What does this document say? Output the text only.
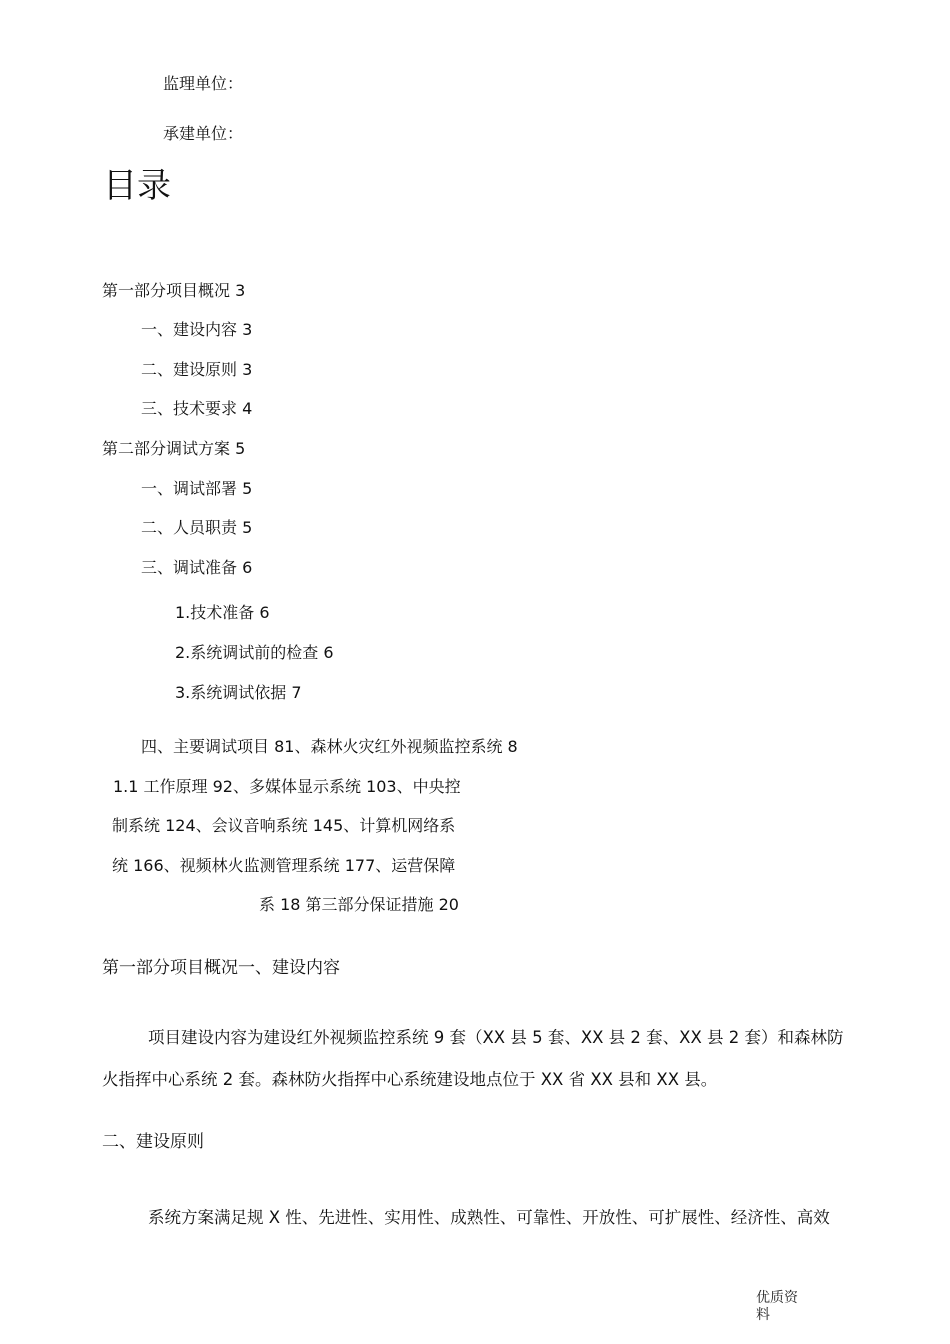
监理单位：
承建单位：
目录
第一部分项目概况 3
一、建设内容 3
二、建设原则 3
三、技术要求 4
第二部分调试方案 5
一、调试部署 5
二、人员职责 5
三、调试准备 6
1.技术准备 6
2.系统调试前的检查 6
3.系统调试依据 7
四、主要调试项目 81、森林火灾红外视频监控系统 8
1.1 工作原理 92、多媒体显示系统 103、中央控
制系统 124、会议音响系统 145、计算机网络系
统 166、视频林火监测管理系统 177、运营保障
系 18 第三部分保证措施 20
第一部分项目概况一、建设内容
项目建设内容为建设红外视频监控系统 9 套（XX 县 5 套、XX 县 2 套、XX 县 2 套）和森林防
火指挥中心系统 2 套。森林防火指挥中心系统建设地点位于 XX 省 XX 县和 XX 县。
二、建设原则
系统方案满足规 X 性、先进性、实用性、成熟性、可靠性、开放性、可扩展性、经济性、高效
优质资
料
